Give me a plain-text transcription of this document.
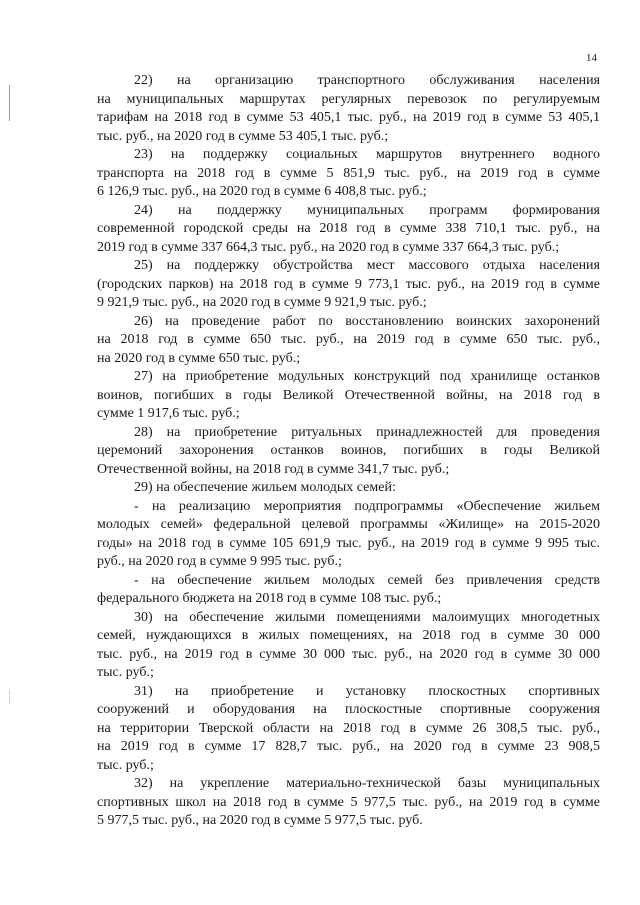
14
22) на организацию транспортного обслуживания населения
на муниципальных маршрутах регулярных перевозок по регулируемым
тарифам на 2018 год в сумме 53 405,1 тыс. руб., на 2019 год в сумме 53 405,1
тыс. руб., на 2020 год в сумме 53 405,1 тыс. руб.;
23) на поддержку социальных маршрутов внутреннего водного
транспорта на 2018 год в сумме 5 851,9 тыс. руб., на 2019 год в сумме
6 126,9 тыс. руб., на 2020 год в сумме 6 408,8 тыс. руб.;
24) на поддержку муниципальных программ формирования
современной городской среды на 2018 год в сумме 338 710,1 тыс. руб., на
2019 год в сумме 337 664,3 тыс. руб., на 2020 год в сумме 337 664,3 тыс. руб.;
25) на поддержку обустройства мест массового отдыха населения
(городских парков) на 2018 год в сумме 9 773,1 тыс. руб., на 2019 год в сумме
9 921,9 тыс. руб., на 2020 год в сумме 9 921,9 тыс. руб.;
26) на проведение работ по восстановлению воинских захоронений
на 2018 год в сумме 650 тыс. руб., на 2019 год в сумме 650 тыс. руб.,
на 2020 год в сумме 650 тыс. руб.;
27) на приобретение модульных конструкций под хранилище останков
воинов, погибших в годы Великой Отечественной войны, на 2018 год в
сумме 1 917,6 тыс. руб.;
28) на приобретение ритуальных принадлежностей для проведения
церемоний захоронения останков воинов, погибших в годы Великой
Отечественной войны, на 2018 год в сумме 341,7 тыс. руб.;
29) на обеспечение жильем молодых семей:
- на реализацию мероприятия подпрограммы «Обеспечение жильем
молодых семей» федеральной целевой программы «Жилище» на 2015-2020
годы» на 2018 год в сумме 105 691,9 тыс. руб., на 2019 год в сумме 9 995 тыс.
руб., на 2020 год в сумме 9 995 тыс. руб.;
- на обеспечение жильем молодых семей без привлечения средств
федерального бюджета на 2018 год в сумме 108 тыс. руб.;
30) на обеспечение жилыми помещениями малоимущих многодетных
семей, нуждающихся в жилых помещениях, на 2018 год в сумме 30 000
тыс. руб., на 2019 год в сумме 30 000 тыс. руб., на 2020 год в сумме 30 000
тыс. руб.;
31) на приобретение и установку плоскостных спортивных
сооружений и оборудования на плоскостные спортивные сооружения
на территории Тверской области на 2018 год в сумме 26 308,5 тыс. руб.,
на 2019 год в сумме 17 828,7 тыс. руб., на 2020 год в сумме 23 908,5
тыс. руб.;
32) на укрепление материально-технической базы муниципальных
спортивных школ на 2018 год в сумме 5 977,5 тыс. руб., на 2019 год в сумме
5 977,5 тыс. руб., на 2020 год в сумме 5 977,5 тыс. руб.
